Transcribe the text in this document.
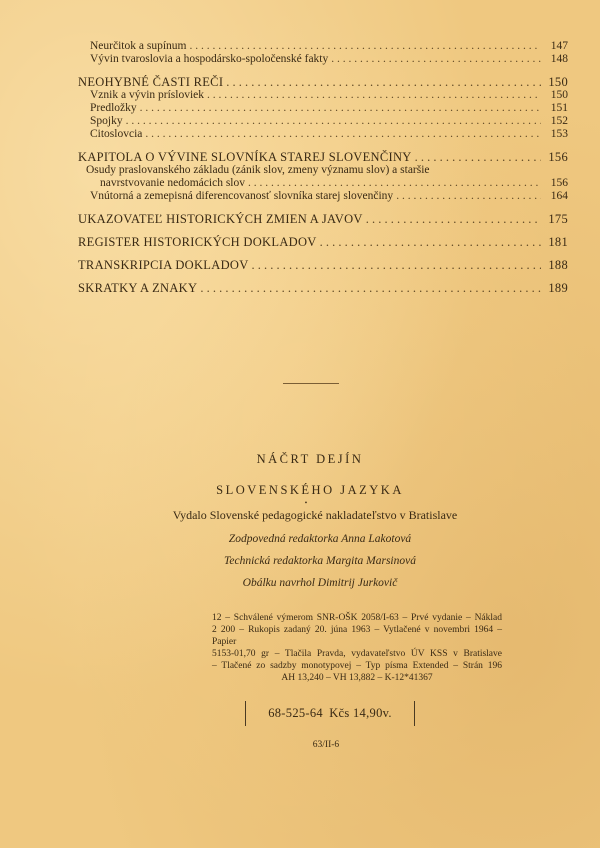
Neurčitok a supínum . . .	147
Vývin tvaroslovia a hospodársko-spoločenské fakty . . .	148
NEOHYBNÉ ČASTI REČI . . .	150
Vznik a vývin prísloviek . . .	150
Predložky . . .	151
Spojky . . .	152
Citoslovcia . . .	153
KAPITOLA O VÝVINE SLOVNÍKA STAREJ SLOVENČINY . . .	156
Osudy praslovanského základu (zánik slov, zmeny významu slov) a staršie
navrstvovanie nedomácich slov . . .	156
Vnútorná a zemepisná diferencovanosť slovníka starej slovenčiny . . .	164
UKAZOVATEĽ HISTORICKÝCH ZMIEN A JAVOV . . .	175
REGISTER HISTORICKÝCH DOKLADOV . . .	181
TRANSKRIPCIA DOKLADOV . . .	188
SKRATKY A ZNAKY . . .	189
NÁČRT DEJÍN
SLOVENSKÉHO JAZYKA
•
Vydalo Slovenské pedagogické nakladateľstvo v Bratislave
Zodpovedná redaktorka Anna Lakotová
Technická redaktorka Margita Marsinová
Obálku navrhol Dimitrij Jurkovič
12 – Schválené výmerom SNR-OŠK 2058/I-63 – Prvé vydanie – Náklad
2 200 – Rukopis zadaný 20. júna 1963 – Vytlačené v novembri 1964 – Papier
5153-01,70 gr – Tlačila Pravda, vydavateľstvo ÚV KSS v Bratislave
– Tlačené zo sadzby monotypovej – Typ písma Extended – Strán 196
AH 13,240 – VH 13,882 – K-12*41367
68-525-64 Kčs 14,90v.
63/II-6
